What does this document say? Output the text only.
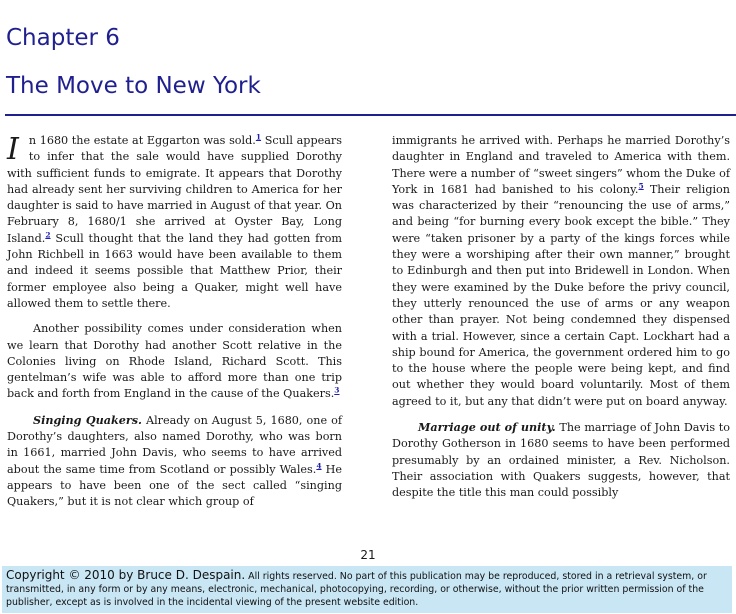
Chapter 6
The Move to New York

In 1680 the estate at Eggarton was sold.$^1$ Scull appears to infer that the sale would have supplied Dorothy with sufficient funds to emigrate. It appears that Dorothy had already sent her surviving children to America for her daughter is said to have married in August of that year. On February 8, 1680/1 she arrived at Oyster Bay, Long Island.$^2$ Scull thought that the land they had gotten from John Richbell in 1663 would have been available to them and indeed it seems possible that Matthew Prior, their former employee also being a Quaker, might well have allowed them to settle there.

Another possibility comes under consideration when we learn that Dorothy had another Scott relative in the Colonies living on Rhode Island, Richard Scott. This gentelman’s wife was able to afford more than one trip back and forth from England in the cause of the Quakers.$^3$

Singing Quakers. Already on August 5, 1680, one of Dorothy’s daughters, also named Dorothy, who was born in 1661, married John Davis, who seems to have arrived about the same time from Scotland or possibly Wales.$^4$ He appears to have been one of the sect called “singing Quakers,” but it is not clear which group of

immigrants he arrived with. Perhaps he married Dorothy’s daughter in England and traveled to America with them. There were a number of “sweet singers” whom the Duke of York in 1681 had banished to his colony.$^5$ Their religion was characterized by their “renouncing the use of arms,” and being “for burning every book except the bible.” They were “taken prisoner by a party of the kings forces while they were a worshiping after their own manner,” brought to Edinburgh and then put into Bridewell in London. When they were examined by the Duke before the privy council, they utterly renounced the use of arms or any weapon other than prayer. Not being condemned they dispensed with a trial. However, since a certain Capt. Lockhart had a ship bound for America, the government ordered him to go to the house where the people were being kept, and find out whether they would board voluntarily. Most of them agreed to it, but any that didn’t were put on board anyway.

Marriage out of unity. The marriage of John Davis to Dorothy Gotherson in 1680 seems to have been performed presumably by an ordained minister, a Rev. Nicholson. Their association with Quakers suggests, however, that despite the title this man could possibly

21
Copyright © 2010 by Bruce D. Despain. All rights reserved. No part of this publication may be reproduced, stored in a retrieval system, or transmitted, in any form or by any means, electronic, mechanical, photocopying, recording, or otherwise, without the prior written permission of the publisher, except as is involved in the incidental viewing of the present website edition.
